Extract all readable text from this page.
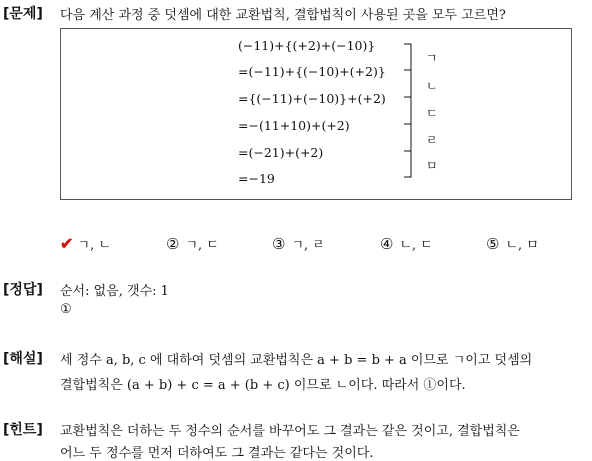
[문제] 다음 계산 과정 중 덧셈에 대한 교환법칙, 결합법칙이 사용된 곳을 모두 고르면?
(−11)+{(+2)+(−10)}
=(−11)+{(−10)+(+2)}
={(−11)+(−10)}+(+2)
=−(11+10)+(+2)
=(−21)+(+2)
=−19
ㄱ
ㄴ
ㄷ
ㄹ
ㅁ
✔ ㄱ, ㄴ	② ㄱ, ㄷ	③ ㄱ, ㄹ	④ ㄴ, ㄷ	⑤ ㄴ, ㅁ
[정답] 순서: 없음, 갯수: 1
①
[해설] 세 정수 a, b, c 에 대하여 덧셈의 교환법칙은 a + b = b + a 이므로 ㄱ이고 덧셈의
결합법칙은 (a + b) + c = a + (b + c) 이므로 ㄴ이다. 따라서 ①이다.
[힌트] 교환법칙은 더하는 두 정수의 순서를 바꾸어도 그 결과는 같은 것이고, 결합법칙은
어느 두 정수를 먼저 더하여도 그 결과는 같다는 것이다.
